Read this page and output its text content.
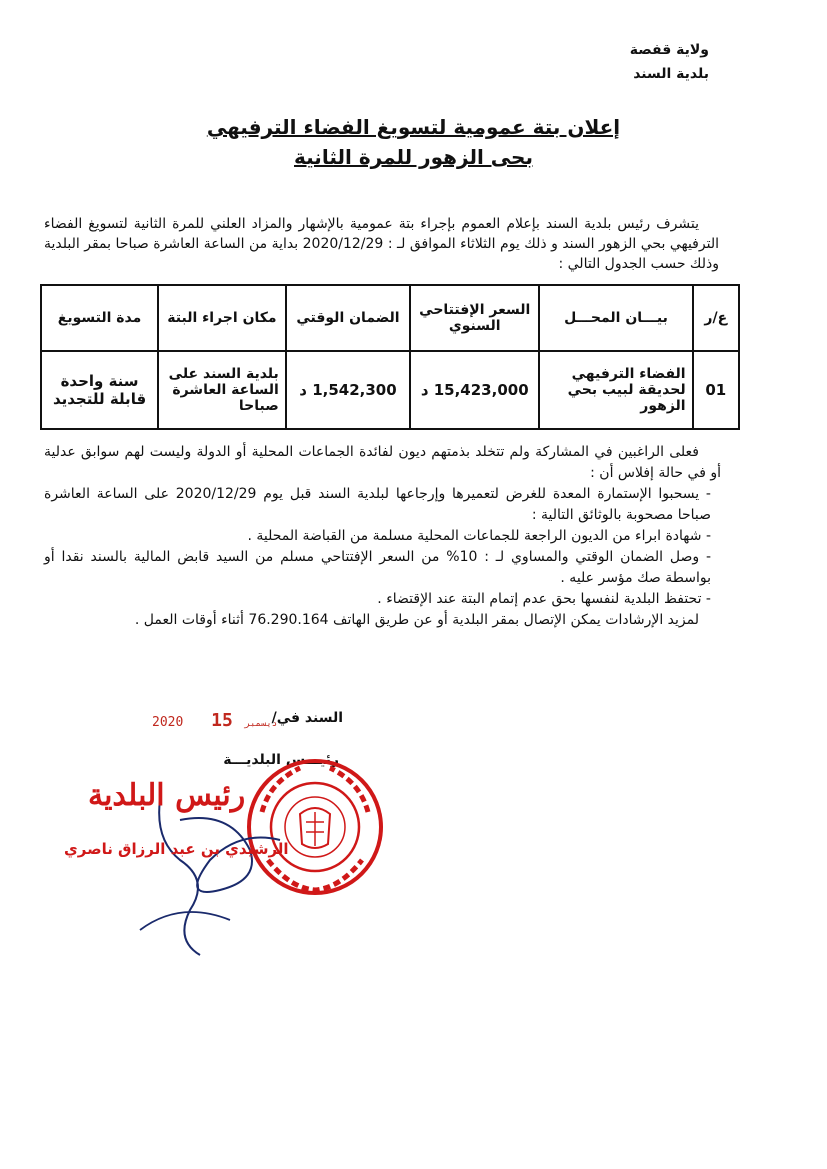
ولاية قفصة
بلدية السند
إعلان بتة عمومية لتسويغ الفضاء الترفيهي
بحى الزهور للمرة الثانية

يتشرف رئيس بلدية السند بإعلام العموم بإجراء بتة عمومية بالإشهار والمزاد العلني للمرة الثانية لتسويغ الفضاء الترفيهي بحي الزهور السند و ذلك يوم الثلاثاء الموافق لـ : 2020/12/29 بداية من الساعة العاشرة صباحا بمقر البلدية وذلك حسب الجدول التالي :

ع/ر	بيـــان المحـــل	السعر الإفتتاحي السنوي	الضمان الوقتي	مكان اجراء البتة	مدة التسويغ
01	الفضاء الترفيهي لحديقة لبيب بحي الزهور	15,423,000 د	1,542,300 د	بلدية السند على الساعة العاشرة صباحا	سنة واحدة قابلة للتجديد

فعلى الراغبين في المشاركة ولم تتخلد بذمتهم ديون لفائدة الجماعات المحلية أو الدولة وليست لهم سوابق عدلية أو في حالة إفلاس أن :

- يسحبوا الإستمارة المعدة للغرض لتعميرها وإرجاعها لبلدية السند قبل يوم 2020/12/29 على الساعة العاشرة صباحا مصحوبة بالوثائق التالية :

- شهادة ابراء من الديون الراجعة للجماعات المحلية مسلمة من القباضة المحلية .

- وصل الضمان الوقتي والمساوي لـ : 10% من السعر الإفتتاحي مسلم من السيد قابض المالية بالسند نقدا أو بواسطة صك مؤسر عليه .

- تحتفظ البلدية لنفسها بحق عدم إتمام البتة عند الإقتضاء .

لمزيد الإرشادات يمكن الإتصال بمقر البلدية أو عن طريق الهاتف 76.290.164 أثناء أوقات العمل .

السند في/
2020	ديسمبر 15
رئيـــس البلديـــة
رئيس البلدية
الرشيدي بن عبد الرزاق ناصري
